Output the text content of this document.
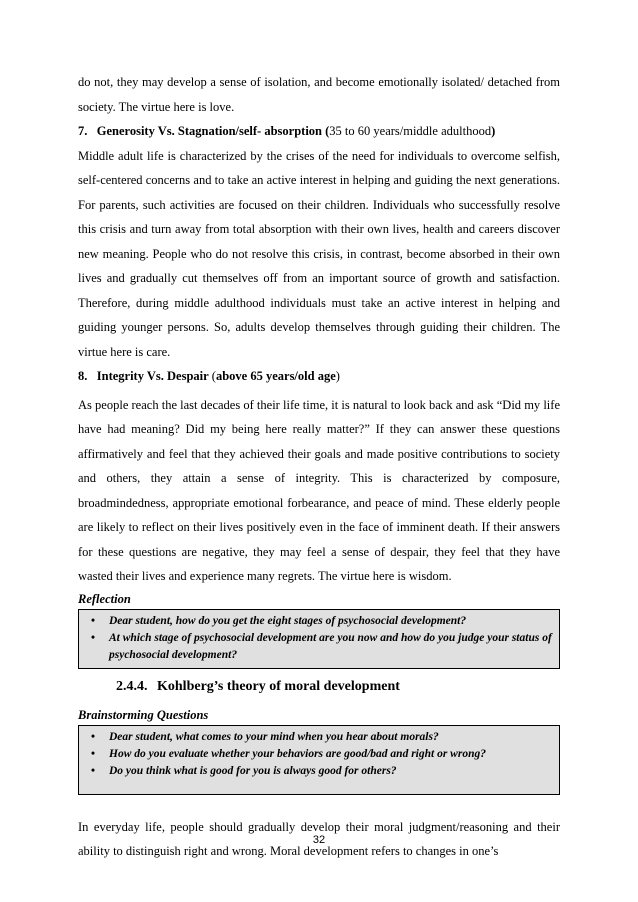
do not, they may develop a sense of isolation, and become emotionally isolated/ detached from society. The virtue here is love.

7. Generosity Vs. Stagnation/self- absorption (35 to 60 years/middle adulthood)

Middle adult life is characterized by the crises of the need for individuals to overcome selfish, self-centered concerns and to take an active interest in helping and guiding the next generations. For parents, such activities are focused on their children. Individuals who successfully resolve this crisis and turn away from total absorption with their own lives, health and careers discover new meaning. People who do not resolve this crisis, in contrast, become absorbed in their own lives and gradually cut themselves off from an important source of growth and satisfaction. Therefore, during middle adulthood individuals must take an active interest in helping and guiding younger persons. So, adults develop themselves through guiding their children. The virtue here is care.

8. Integrity Vs. Despair (above 65 years/old age)

As people reach the last decades of their life time, it is natural to look back and ask “Did my life have had meaning? Did my being here really matter?” If they can answer these questions affirmatively and feel that they achieved their goals and made positive contributions to society and others, they attain a sense of integrity. This is characterized by composure, broadmindedness, appropriate emotional forbearance, and peace of mind. These elderly people are likely to reflect on their lives positively even in the face of imminent death. If their answers for these questions are negative, they may feel a sense of despair, they feel that they have wasted their lives and experience many regrets. The virtue here is wisdom.

Reflection
• Dear student, how do you get the eight stages of psychosocial development?
• At which stage of psychosocial development are you now and how do you judge your status of psychosocial development?
2.4.4. Kohlberg’s theory of moral development
Brainstorming Questions
• Dear student, what comes to your mind when you hear about morals?
• How do you evaluate whether your behaviors are good/bad and right or wrong?
• Do you think what is good for you is always good for others?

In everyday life, people should gradually develop their moral judgment/reasoning and their ability to distinguish right and wrong. Moral development refers to changes in one’s

32
